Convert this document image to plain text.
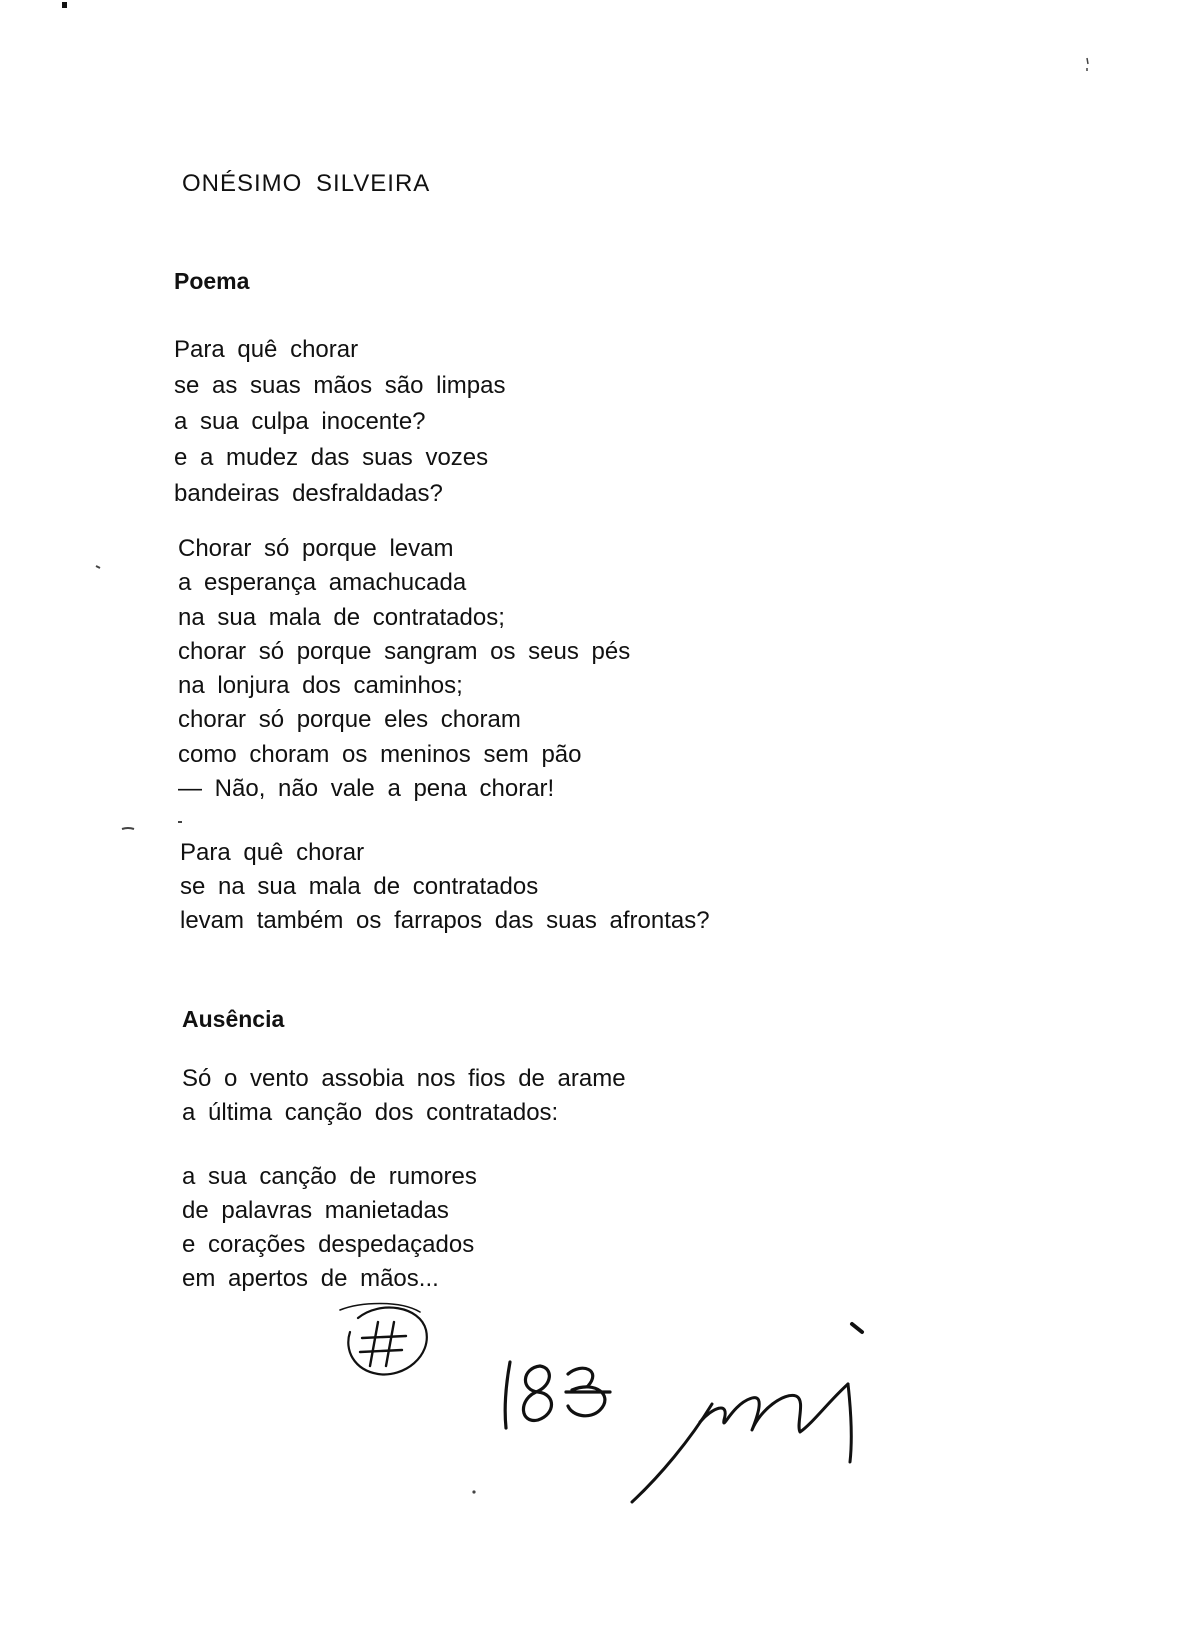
ONÉSIMO SILVEIRA
Poema
Para quê chorar
se as suas mãos são limpas
a sua culpa inocente?
e a mudez das suas vozes
bandeiras desfraldadas?
Chorar só porque levam
a esperança amachucada
na sua mala de contratados;
chorar só porque sangram os seus pés
na lonjura dos caminhos;
chorar só porque eles choram
como choram os meninos sem pão
— Não, não vale a pena chorar!
Para quê chorar
se na sua mala de contratados
levam também os farrapos das suas afrontas?
Ausência
Só o vento assobia nos fios de arame
a última canção dos contratados:
a sua canção de rumores
de palavras manietadas
e corações despedaçados
em apertos de mãos...
